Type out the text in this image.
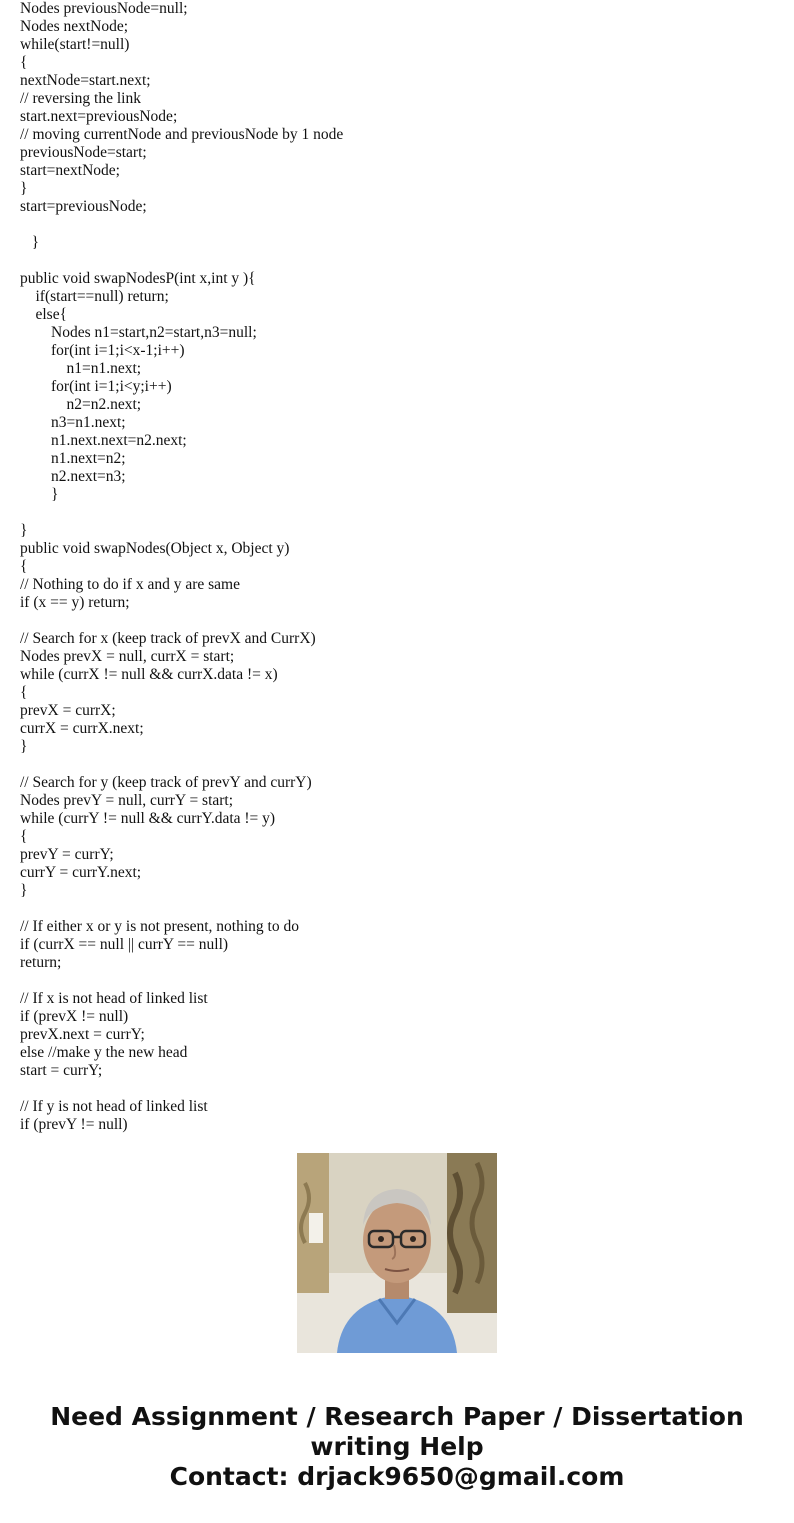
Nodes previousNode=null;
Nodes nextNode;
while(start!=null)
{
nextNode=start.next;
// reversing the link
start.next=previousNode;
// moving currentNode and previousNode by 1 node
previousNode=start;
start=nextNode;
}
start=previousNode;
}
public void swapNodesP(int x,int y ){
if(start==null) return;
else{
Nodes n1=start,n2=start,n3=null;
for(int i=1;i<x-1;i++)
n1=n1.next;
for(int i=1;i<y;i++)
n2=n2.next;
n3=n1.next;
n1.next.next=n2.next;
n1.next=n2;
n2.next=n3;
}
}
public void swapNodes(Object x, Object y)
{
// Nothing to do if x and y are same
if (x == y) return;
// Search for x (keep track of prevX and CurrX)
Nodes prevX = null, currX = start;
while (currX != null && currX.data != x)
{
prevX = currX;
currX = currX.next;
}
// Search for y (keep track of prevY and currY)
Nodes prevY = null, currY = start;
while (currY != null && currY.data != y)
{
prevY = currY;
currY = currY.next;
}
// If either x or y is not present, nothing to do
if (currX == null || currY == null)
return;
// If x is not head of linked list
if (prevX != null)
prevX.next = currY;
else //make y the new head
start = currY;
// If y is not head of linked list
if (prevY != null)
Need Assignment / Research Paper / Dissertation
writing Help
Contact: drjack9650@gmail.com
